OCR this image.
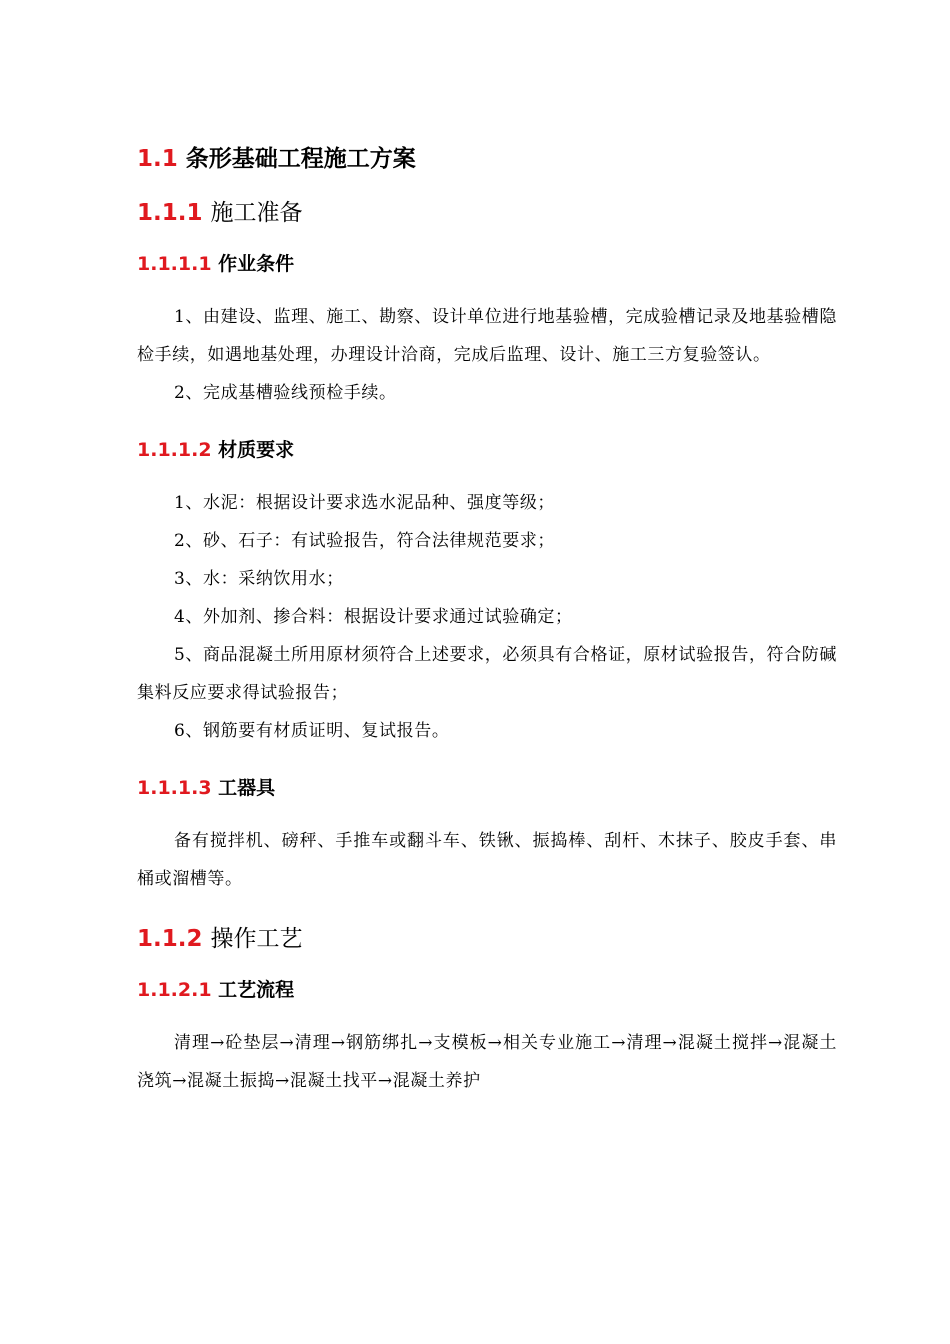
1.1 条形基础工程施工方案
1.1.1 施工准备
1.1.1.1 作业条件

1、由建设、监理、施工、勘察、设计单位进行地基验槽，完成验槽记录及地基验槽隐检手续，如遇地基处理，办理设计洽商，完成后监理、设计、施工三方复验签认。

2、完成基槽验线预检手续。

1.1.1.2 材质要求

1、水泥：根据设计要求选水泥品种、强度等级；

2、砂、石子：有试验报告，符合法律规范要求；

3、水：采纳饮用水；

4、外加剂、掺合料：根据设计要求通过试验确定；

5、商品混凝土所用原材须符合上述要求，必须具有合格证，原材试验报告，符合防碱集料反应要求得试验报告；

6、钢筋要有材质证明、复试报告。

1.1.1.3 工器具

备有搅拌机、磅秤、手推车或翻斗车、铁锹、振捣棒、刮杆、木抹子、胶皮手套、串桶或溜槽等。

1.1.2 操作工艺
1.1.2.1 工艺流程

清理→砼垫层→清理→钢筋绑扎→支模板→相关专业施工→清理→混凝土搅拌→混凝土浇筑→混凝土振捣→混凝土找平→混凝土养护
